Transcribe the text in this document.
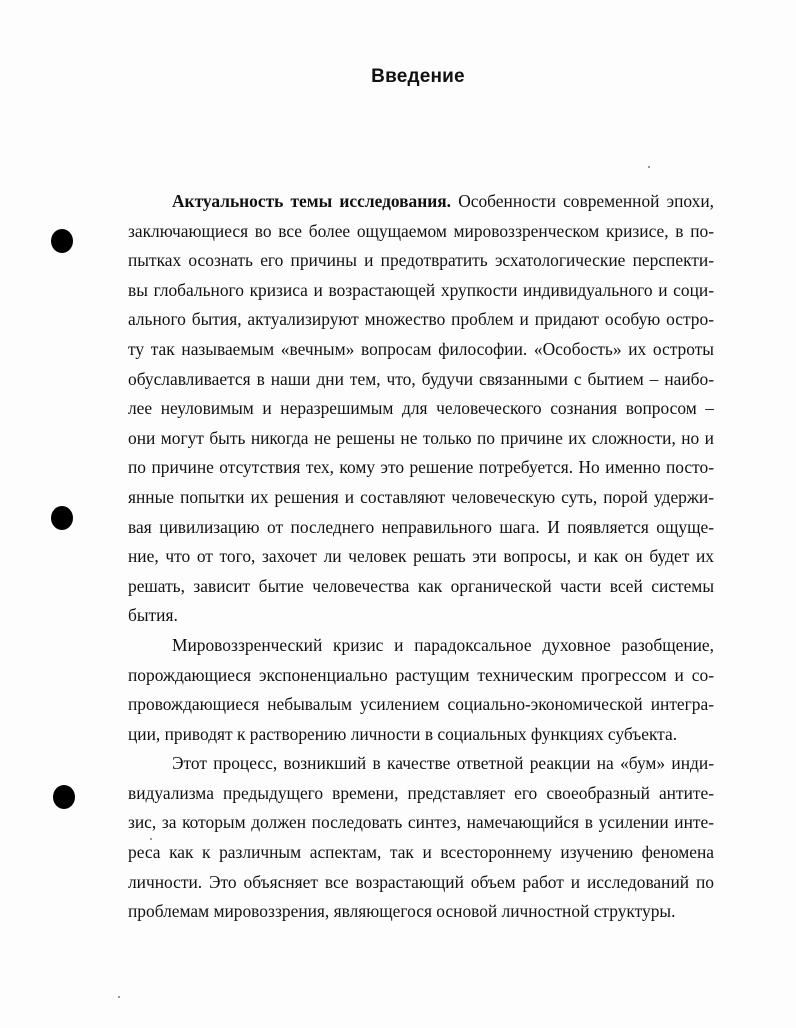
Введение
Актуальность темы исследования. Особенности современной эпохи,
заключающиеся во все более ощущаемом мировоззренческом кризисе, в по-
пытках осознать его причины и предотвратить эсхатологические перспекти-
вы глобального кризиса и возрастающей хрупкости индивидуального и соци-
ального бытия, актуализируют множество проблем и придают особую остро-
ту так называемым «вечным» вопросам философии. «Особость» их остроты
обуславливается в наши дни тем, что, будучи связанными с бытием – наибо-
лее неуловимым и неразрешимым для человеческого сознания вопросом –
они могут быть никогда не решены не только по причине их сложности, но и
по причине отсутствия тех, кому это решение потребуется. Но именно посто-
янные попытки их решения и составляют человеческую суть, порой удержи-
вая цивилизацию от последнего неправильного шага. И появляется ощуще-
ние, что от того, захочет ли человек решать эти вопросы, и как он будет их
решать, зависит бытие человечества как органической части всей системы
бытия.
Мировоззренческий кризис и парадоксальное духовное разобщение,
порождающиеся экспоненциально растущим техническим прогрессом и со-
провождающиеся небывалым усилением социально-экономической интегра-
ции, приводят к растворению личности в социальных функциях субъекта.
Этот процесс, возникший в качестве ответной реакции на «бум» инди-
видуализма предыдущего времени, представляет его своеобразный антите-
зис, за которым должен последовать синтез, намечающийся в усилении инте-
реса как к различным аспектам, так и всестороннему изучению феномена
личности. Это объясняет все возрастающий объем работ и исследований по
проблемам мировоззрения, являющегося основой личностной структуры.
